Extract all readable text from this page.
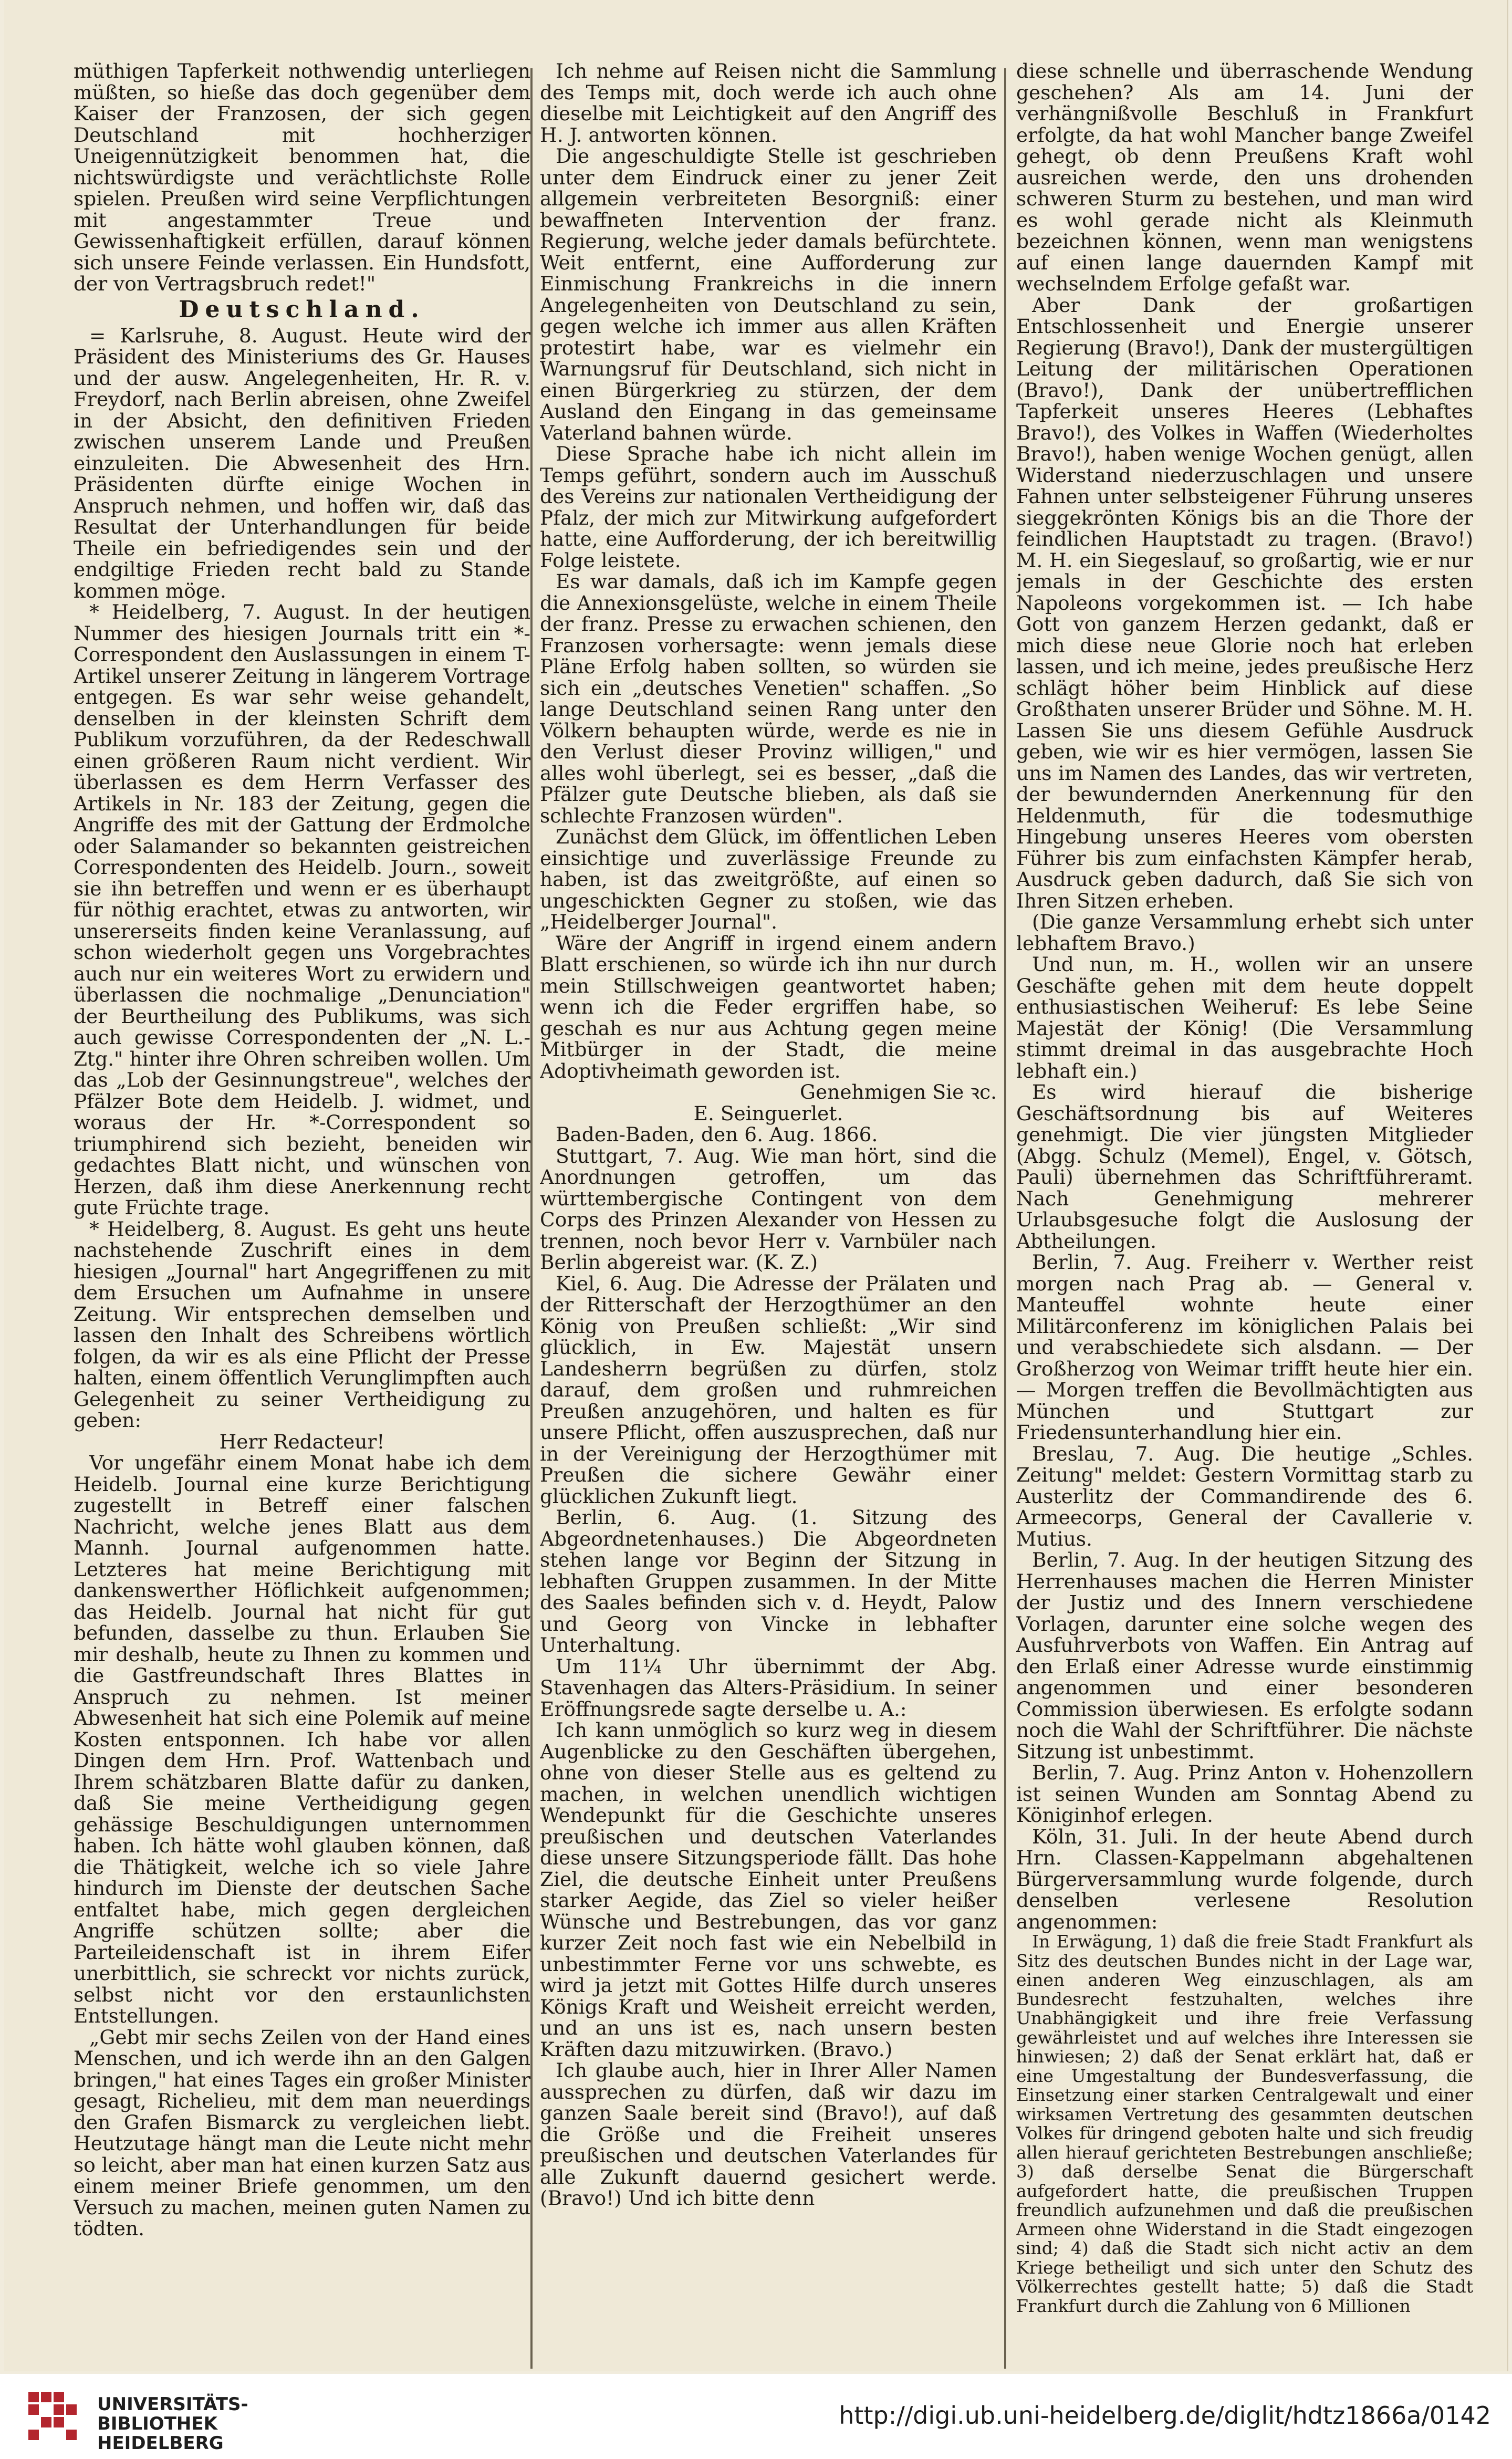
müthigen Tapferkeit nothwendig unterliegen müßten, so hieße das doch gegenüber dem Kaiser der Franzosen, der sich gegen Deutschland mit hochherziger Uneigennützigkeit benommen hat, die nichtswürdigste und verächtlichste Rolle spielen. Preußen wird seine Verpflichtungen mit angestammter Treue und Gewissenhaftigkeit erfüllen, darauf können sich unsere Feinde verlassen. Ein Hundsfott, der von Vertragsbruch redet!"

Deutschland.

= Karlsruhe, 8. August. Heute wird der Präsident des Ministeriums des Gr. Hauses und der ausw. Angelegenheiten, Hr. R. v. Freydorf, nach Berlin abreisen, ohne Zweifel in der Absicht, den definitiven Frieden zwischen unserem Lande und Preußen einzuleiten. Die Abwesenheit des Hrn. Präsidenten dürfte einige Wochen in Anspruch nehmen, und hoffen wir, daß das Resultat der Unterhandlungen für beide Theile ein befriedigendes sein und der endgiltige Frieden recht bald zu Stande kommen möge.

* Heidelberg, 7. August. In der heutigen Nummer des hiesigen Journals tritt ein *-Correspondent den Auslassungen in einem T-Artikel unserer Zeitung in längerem Vortrage entgegen. Es war sehr weise gehandelt, denselben in der kleinsten Schrift dem Publikum vorzuführen, da der Redeschwall einen größeren Raum nicht verdient. Wir überlassen es dem Herrn Verfasser des Artikels in Nr. 183 der Zeitung, gegen die Angriffe des mit der Gattung der Erdmolche oder Salamander so bekannten geistreichen Correspondenten des Heidelb. Journ., soweit sie ihn betreffen und wenn er es überhaupt für nöthig erachtet, etwas zu antworten, wir unsererseits finden keine Veranlassung, auf schon wiederholt gegen uns Vorgebrachtes auch nur ein weiteres Wort zu erwidern und überlassen die nochmalige „Denunciation" der Beurtheilung des Publikums, was sich auch gewisse Correspondenten der „N. L.-Ztg." hinter ihre Ohren schreiben wollen. Um das „Lob der Gesinnungstreue", welches der Pfälzer Bote dem Heidelb. J. widmet, und woraus der Hr. *-Correspondent so triumphirend sich bezieht, beneiden wir gedachtes Blatt nicht, und wünschen von Herzen, daß ihm diese Anerkennung recht gute Früchte trage.

* Heidelberg, 8. August. Es geht uns heute nachstehende Zuschrift eines in dem hiesigen „Journal" hart Angegriffenen zu mit dem Ersuchen um Aufnahme in unsere Zeitung. Wir entsprechen demselben und lassen den Inhalt des Schreibens wörtlich folgen, da wir es als eine Pflicht der Presse halten, einem öffentlich Verunglimpften auch Gelegenheit zu seiner Vertheidigung zu geben:

Herr Redacteur!

Vor ungefähr einem Monat habe ich dem Heidelb. Journal eine kurze Berichtigung zugestellt in Betreff einer falschen Nachricht, welche jenes Blatt aus dem Mannh. Journal aufgenommen hatte. Letzteres hat meine Berichtigung mit dankenswerther Höflichkeit aufgenommen; das Heidelb. Journal hat nicht für gut befunden, dasselbe zu thun. Erlauben Sie mir deshalb, heute zu Ihnen zu kommen und die Gastfreundschaft Ihres Blattes in Anspruch zu nehmen. Ist meiner Abwesenheit hat sich eine Polemik auf meine Kosten entsponnen. Ich habe vor allen Dingen dem Hrn. Prof. Wattenbach und Ihrem schätzbaren Blatte dafür zu danken, daß Sie meine Vertheidigung gegen gehässige Beschuldigungen unternommen haben. Ich hätte wohl glauben können, daß die Thätigkeit, welche ich so viele Jahre hindurch im Dienste der deutschen Sache entfaltet habe, mich gegen dergleichen Angriffe schützen sollte; aber die Parteileidenschaft ist in ihrem Eifer unerbittlich, sie schreckt vor nichts zurück, selbst nicht vor den erstaunlichsten Entstellungen.

„Gebt mir sechs Zeilen von der Hand eines Menschen, und ich werde ihn an den Galgen bringen," hat eines Tages ein großer Minister gesagt, Richelieu, mit dem man neuerdings den Grafen Bismarck zu vergleichen liebt. Heutzutage hängt man die Leute nicht mehr so leicht, aber man hat einen kurzen Satz aus einem meiner Briefe genommen, um den Versuch zu machen, meinen guten Namen zu tödten.

Ich nehme auf Reisen nicht die Sammlung des Temps mit, doch werde ich auch ohne dieselbe mit Leichtigkeit auf den Angriff des H. J. antworten können.

Die angeschuldigte Stelle ist geschrieben unter dem Eindruck einer zu jener Zeit allgemein verbreiteten Besorgniß: einer bewaffneten Intervention der franz. Regierung, welche jeder damals befürchtete. Weit entfernt, eine Aufforderung zur Einmischung Frankreichs in die innern Angelegenheiten von Deutschland zu sein, gegen welche ich immer aus allen Kräften protestirt habe, war es vielmehr ein Warnungsruf für Deutschland, sich nicht in einen Bürgerkrieg zu stürzen, der dem Ausland den Eingang in das gemeinsame Vaterland bahnen würde.

Diese Sprache habe ich nicht allein im Temps geführt, sondern auch im Ausschuß des Vereins zur nationalen Vertheidigung der Pfalz, der mich zur Mitwirkung aufgefordert hatte, eine Aufforderung, der ich bereitwillig Folge leistete.

Es war damals, daß ich im Kampfe gegen die Annexionsgelüste, welche in einem Theile der franz. Presse zu erwachen schienen, den Franzosen vorhersagte: wenn jemals diese Pläne Erfolg haben sollten, so würden sie sich ein „deutsches Venetien" schaffen. „So lange Deutschland seinen Rang unter den Völkern behaupten würde, werde es nie in den Verlust dieser Provinz willigen," und alles wohl überlegt, sei es besser, „daß die Pfälzer gute Deutsche blieben, als daß sie schlechte Franzosen würden".

Zunächst dem Glück, im öffentlichen Leben einsichtige und zuverlässige Freunde zu haben, ist das zweitgrößte, auf einen so ungeschickten Gegner zu stoßen, wie das „Heidelberger Journal".

Wäre der Angriff in irgend einem andern Blatt erschienen, so würde ich ihn nur durch mein Stillschweigen geantwortet haben; wenn ich die Feder ergriffen habe, so geschah es nur aus Achtung gegen meine Mitbürger in der Stadt, die meine Adoptivheimath geworden ist.

Genehmigen Sie ꝛc.

E. Seinguerlet.

Baden-Baden, den 6. Aug. 1866.

Stuttgart, 7. Aug. Wie man hört, sind die Anordnungen getroffen, um das württembergische Contingent von dem Corps des Prinzen Alexander von Hessen zu trennen, noch bevor Herr v. Varnbüler nach Berlin abgereist war. (K. Z.)

Kiel, 6. Aug. Die Adresse der Prälaten und der Ritterschaft der Herzogthümer an den König von Preußen schließt: „Wir sind glücklich, in Ew. Majestät unsern Landesherrn begrüßen zu dürfen, stolz darauf, dem großen und ruhmreichen Preußen anzugehören, und halten es für unsere Pflicht, offen auszusprechen, daß nur in der Vereinigung der Herzogthümer mit Preußen die sichere Gewähr einer glücklichen Zukunft liegt.

Berlin, 6. Aug. (1. Sitzung des Abgeordnetenhauses.) Die Abgeordneten stehen lange vor Beginn der Sitzung in lebhaften Gruppen zusammen. In der Mitte des Saales befinden sich v. d. Heydt, Palow und Georg von Vincke in lebhafter Unterhaltung.

Um 11¼ Uhr übernimmt der Abg. Stavenhagen das Alters-Präsidium. In seiner Eröffnungsrede sagte derselbe u. A.:

Ich kann unmöglich so kurz weg in diesem Augenblicke zu den Geschäften übergehen, ohne von dieser Stelle aus es geltend zu machen, in welchen unendlich wichtigen Wendepunkt für die Geschichte unseres preußischen und deutschen Vaterlandes diese unsere Sitzungsperiode fällt. Das hohe Ziel, die deutsche Einheit unter Preußens starker Aegide, das Ziel so vieler heißer Wünsche und Bestrebungen, das vor ganz kurzer Zeit noch fast wie ein Nebelbild in unbestimmter Ferne vor uns schwebte, es wird ja jetzt mit Gottes Hilfe durch unseres Königs Kraft und Weisheit erreicht werden, und an uns ist es, nach unsern besten Kräften dazu mitzuwirken. (Bravo.)

Ich glaube auch, hier in Ihrer Aller Namen aussprechen zu dürfen, daß wir dazu im ganzen Saale bereit sind (Bravo!), auf daß die Größe und die Freiheit unseres preußischen und deutschen Vaterlandes für alle Zukunft dauernd gesichert werde. (Bravo!) Und ich bitte denn

diese schnelle und überraschende Wendung geschehen? Als am 14. Juni der verhängnißvolle Beschluß in Frankfurt erfolgte, da hat wohl Mancher bange Zweifel gehegt, ob denn Preußens Kraft wohl ausreichen werde, den uns drohenden schweren Sturm zu bestehen, und man wird es wohl gerade nicht als Kleinmuth bezeichnen können, wenn man wenigstens auf einen lange dauernden Kampf mit wechselndem Erfolge gefaßt war.

Aber Dank der großartigen Entschlossenheit und Energie unserer Regierung (Bravo!), Dank der mustergültigen Leitung der militärischen Operationen (Bravo!), Dank der unübertrefflichen Tapferkeit unseres Heeres (Lebhaftes Bravo!), des Volkes in Waffen (Wiederholtes Bravo!), haben wenige Wochen genügt, allen Widerstand niederzuschlagen und unsere Fahnen unter selbsteigener Führung unseres sieggekrönten Königs bis an die Thore der feindlichen Hauptstadt zu tragen. (Bravo!) M. H. ein Siegeslauf, so großartig, wie er nur jemals in der Geschichte des ersten Napoleons vorgekommen ist. — Ich habe Gott von ganzem Herzen gedankt, daß er mich diese neue Glorie noch hat erleben lassen, und ich meine, jedes preußische Herz schlägt höher beim Hinblick auf diese Großthaten unserer Brüder und Söhne. M. H. Lassen Sie uns diesem Gefühle Ausdruck geben, wie wir es hier vermögen, lassen Sie uns im Namen des Landes, das wir vertreten, der bewundernden Anerkennung für den Heldenmuth, für die todesmuthige Hingebung unseres Heeres vom obersten Führer bis zum einfachsten Kämpfer herab, Ausdruck geben dadurch, daß Sie sich von Ihren Sitzen erheben.

(Die ganze Versammlung erhebt sich unter lebhaftem Bravo.)

Und nun, m. H., wollen wir an unsere Geschäfte gehen mit dem heute doppelt enthusiastischen Weiheruf: Es lebe Seine Majestät der König! (Die Versammlung stimmt dreimal in das ausgebrachte Hoch lebhaft ein.)

Es wird hierauf die bisherige Geschäftsordnung bis auf Weiteres genehmigt. Die vier jüngsten Mitglieder (Abgg. Schulz (Memel), Engel, v. Götsch, Pauli) übernehmen das Schriftführeramt. Nach Genehmigung mehrerer Urlaubsgesuche folgt die Auslosung der Abtheilungen.

Berlin, 7. Aug. Freiherr v. Werther reist morgen nach Prag ab. — General v. Manteuffel wohnte heute einer Militärconferenz im königlichen Palais bei und verabschiedete sich alsdann. — Der Großherzog von Weimar trifft heute hier ein. — Morgen treffen die Bevollmächtigten aus München und Stuttgart zur Friedensunterhandlung hier ein.

Breslau, 7. Aug. Die heutige „Schles. Zeitung" meldet: Gestern Vormittag starb zu Austerlitz der Commandirende des 6. Armeecorps, General der Cavallerie v. Mutius.

Berlin, 7. Aug. In der heutigen Sitzung des Herrenhauses machen die Herren Minister der Justiz und des Innern verschiedene Vorlagen, darunter eine solche wegen des Ausfuhrverbots von Waffen. Ein Antrag auf den Erlaß einer Adresse wurde einstimmig angenommen und einer besonderen Commission überwiesen. Es erfolgte sodann noch die Wahl der Schriftführer. Die nächste Sitzung ist unbestimmt.

Berlin, 7. Aug. Prinz Anton v. Hohenzollern ist seinen Wunden am Sonntag Abend zu Königinhof erlegen.

Köln, 31. Juli. In der heute Abend durch Hrn. Classen-Kappelmann abgehaltenen Bürgerversammlung wurde folgende, durch denselben verlesene Resolution angenommen:

In Erwägung, 1) daß die freie Stadt Frankfurt als Sitz des deutschen Bundes nicht in der Lage war, einen anderen Weg einzuschlagen, als am Bundesrecht festzuhalten, welches ihre Unabhängigkeit und ihre freie Verfassung gewährleistet und auf welches ihre Interessen sie hinwiesen; 2) daß der Senat erklärt hat, daß er eine Umgestaltung der Bundesverfassung, die Einsetzung einer starken Centralgewalt und einer wirksamen Vertretung des gesammten deutschen Volkes für dringend geboten halte und sich freudig allen hierauf gerichteten Bestrebungen anschließe; 3) daß derselbe Senat die Bürgerschaft aufgefordert hatte, die preußischen Truppen freundlich aufzunehmen und daß die preußischen Armeen ohne Widerstand in die Stadt eingezogen sind; 4) daß die Stadt sich nicht activ an dem Kriege betheiligt und sich unter den Schutz des Völkerrechtes gestellt hatte; 5) daß die Stadt Frankfurt durch die Zahlung von 6 Millionen

UNIVERSITÄTS-
BIBLIOTHEK
HEIDELBERG
http://digi.ub.uni-heidelberg.de/diglit/hdtz1866a/0142
